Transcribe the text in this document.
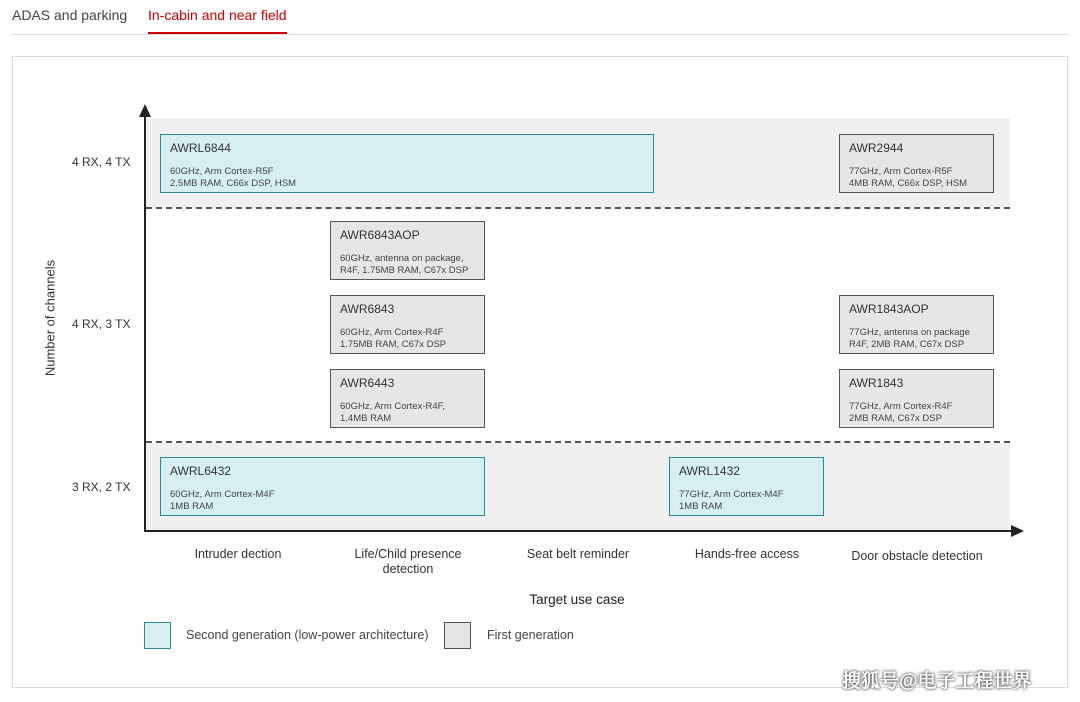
ADAS and parking In-cabin and near field
Number of channels
4 RX, 4 TX
4 RX, 3 TX
3 RX, 2 TX
Intruder dection	Life/Child presence
detection
Seat belt reminder	Hands-free access	Door obstacle detection
Target use case
AWRL6844
60GHz, Arm Cortex-R5F
2.5MB RAM, C66x DSP, HSM
AWR2944
77GHz, Arm Cortex-R5F
4MB RAM, C66x DSP, HSM
AWR6843AOP
60GHz, antenna on package,
R4F, 1.75MB RAM, C67x DSP
AWR6843
60GHz, Arm Cortex-R4F
1.75MB RAM, C67x DSP
AWR1843AOP
77GHz, antenna on package
R4F, 2MB RAM, C67x DSP
AWR6443
60GHz, Arm Cortex-R4F,
1.4MB RAM
AWR1843
77GHz, Arm Cortex-R4F
2MB RAM, C67x DSP
AWRL6432
60GHz, Arm Cortex-M4F
1MB RAM
AWRL1432
77GHz, Arm Cortex-M4F
1MB RAM
Second generation (low-power architecture)	First generation
搜狐号@电子工程世界
